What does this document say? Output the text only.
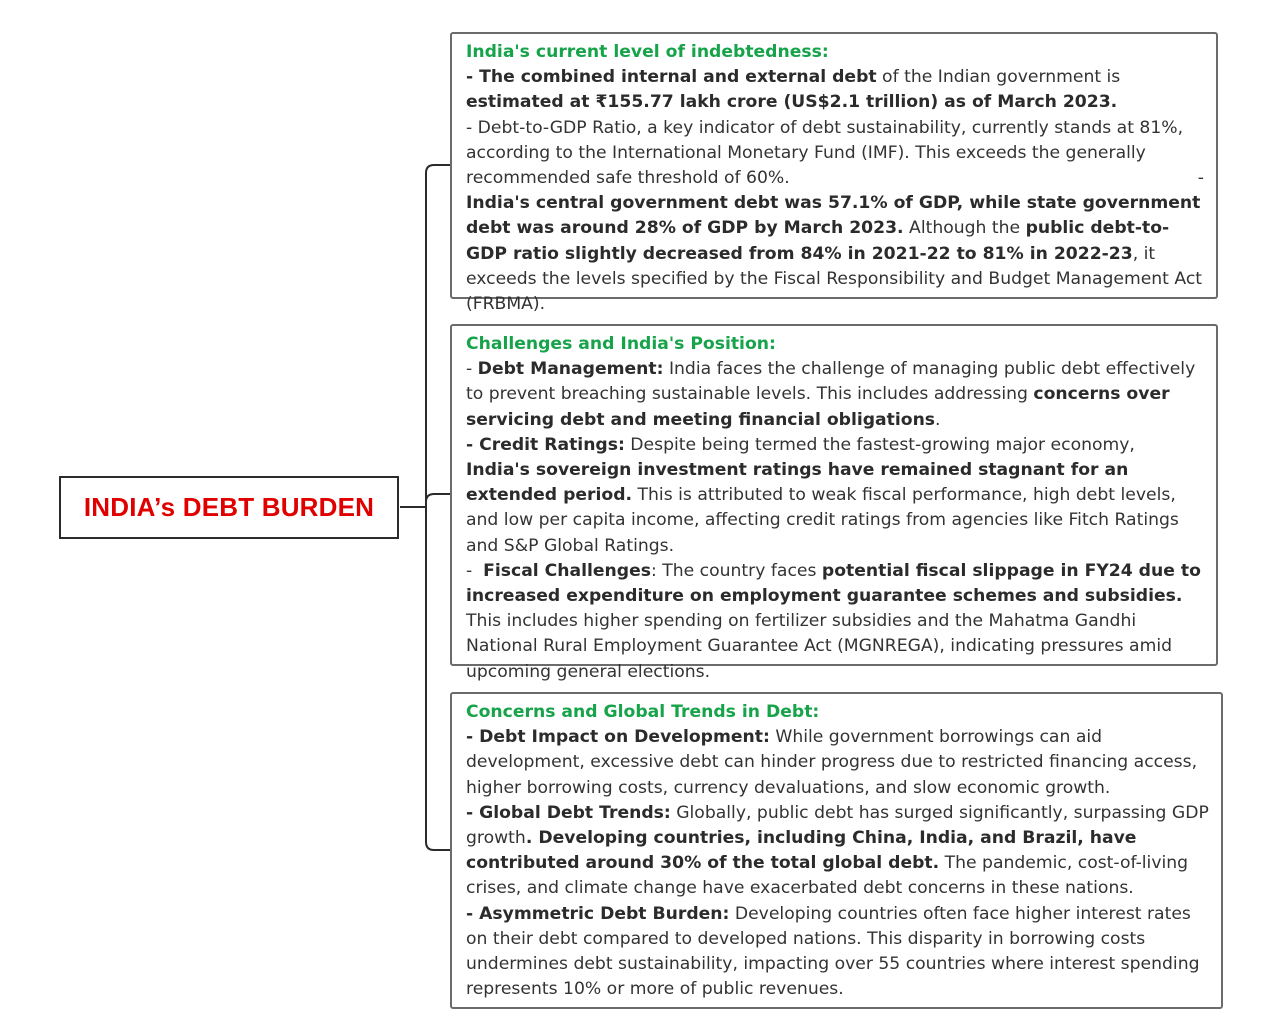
INDIA’s DEBT BURDEN
India's current level of indebtedness:

- The combined internal and external debt of the Indian government is estimated at ₹155.77 lakh crore (US$2.1 trillion) as of March 2023.

- Debt-to-GDP Ratio, a key indicator of debt sustainability, currently stands at 81%, according to the International Monetary Fund (IMF). This exceeds the generally recommended safe threshold of 60%.	-

India's central government debt was 57.1% of GDP, while state government debt was around 28% of GDP by March 2023. Although the public debt-to-GDP ratio slightly decreased from 84% in 2021-22 to 81% in 2022-23, it exceeds the levels specified by the Fiscal Responsibility and Budget Management Act (FRBMA).

Challenges and India's Position:

- Debt Management: India faces the challenge of managing public debt effectively to prevent breaching sustainable levels. This includes addressing concerns over servicing debt and meeting financial obligations.

- Credit Ratings: Despite being termed the fastest-growing major economy, India's sovereign investment ratings have remained stagnant for an extended period. This is attributed to weak fiscal performance, high debt levels, and low per capita income, affecting credit ratings from agencies like Fitch Ratings and S&P Global Ratings.

-  Fiscal Challenges: The country faces potential fiscal slippage in FY24 due to increased expenditure on employment guarantee schemes and subsidies. This includes higher spending on fertilizer subsidies and the Mahatma Gandhi National Rural Employment Guarantee Act (MGNREGA), indicating pressures amid upcoming general elections.

Concerns and Global Trends in Debt:

- Debt Impact on Development: While government borrowings can aid development, excessive debt can hinder progress due to restricted financing access, higher borrowing costs, currency devaluations, and slow economic growth.

- Global Debt Trends: Globally, public debt has surged significantly, surpassing GDP growth. Developing countries, including China, India, and Brazil, have contributed around 30% of the total global debt. The pandemic, cost-of-living crises, and climate change have exacerbated debt concerns in these nations.

- Asymmetric Debt Burden: Developing countries often face higher interest rates on their debt compared to developed nations. This disparity in borrowing costs undermines debt sustainability, impacting over 55 countries where interest spending represents 10% or more of public revenues.
